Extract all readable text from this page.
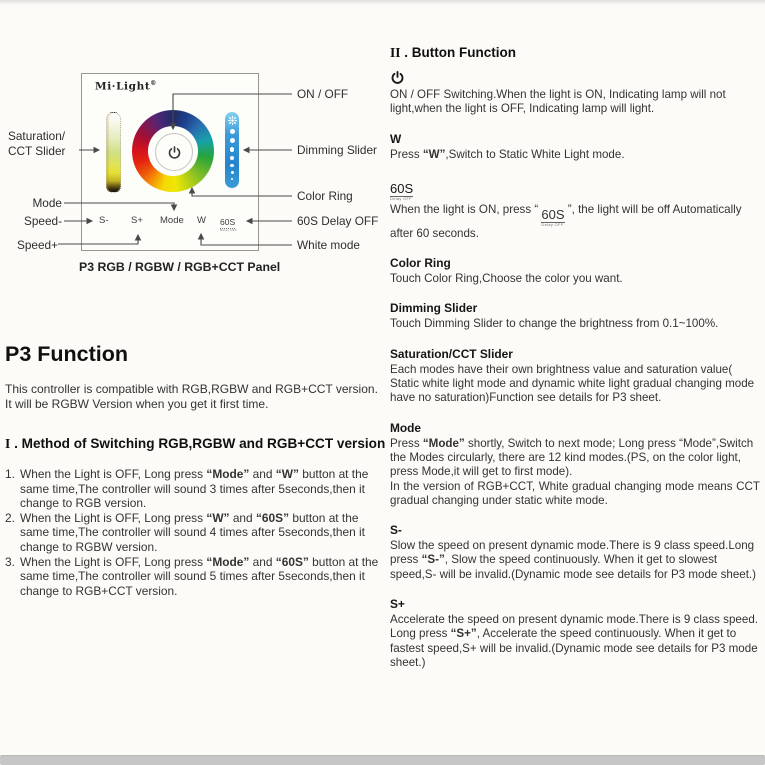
Mi·Light®
S- S+ Mode W 60S
Delay OFF
Saturation/
CCT Slider
Mode
Speed-
Speed+
ON / OFF
Dimming Slider
Color Ring
60S Delay OFF
White mode
P3 RGB / RGBW / RGB+CCT Panel
P3 Function

This controller is compatible with RGB,RGBW and RGB+CCT version. It will be RGBW Version when you get it first time.

I . Method of Switching RGB,RGBW and RGB+CCT version
1. When the Light is OFF, Long press “Mode” and “W” button at the same time,The controller will sound 3 times after 5seconds,then it change to RGB version.
2. When the Light is OFF, Long press “W” and “60S” button at the same time,The controller will sound 4 times after 5seconds,then it change to RGBW version.
3. When the Light is OFF, Long press “Mode” and “60S” button at the same time,The controller will sound 5 times after 5seconds,then it change to RGB+CCT version.
II . Button Function

ON / OFF Switching.When the light is ON, Indicating lamp will not light,when the light is OFF, Indicating lamp will light.

W

Press “W”,Switch to Static White Light mode.

60S
Delay OFF

When the light is ON, press “ 60S
Delay OFF
”, the light will be off Automatically after 60 seconds.

Color Ring

Touch Color Ring,Choose the color you want.

Dimming Slider

Touch Dimming Slider to change the brightness from 0.1~100%.

Saturation/CCT Slider

Each modes have their own brightness value and saturation value( Static white light mode and dynamic white light gradual changing mode have no saturation)Function see details for P3 sheet.

Mode

Press “Mode” shortly, Switch to next mode; Long press “Mode”,Switch the Modes circularly, there are 12 kind modes.(PS, on the color light, press Mode,it will get to first mode).

In the version of RGB+CCT, White gradual changing mode means CCT gradual changing under static white mode.

S-

Slow the speed on present dynamic mode.There is 9 class speed.Long press “S-”, Slow the speed continuously. When it get to slowest speed,S- will be invalid.(Dynamic mode see details for P3 mode sheet.)

S+

Accelerate the speed on present dynamic mode.There is 9 class speed. Long press “S+”, Accelerate the speed continuously. When it get to fastest speed,S+ will be invalid.(Dynamic mode see details for P3 mode sheet.)
